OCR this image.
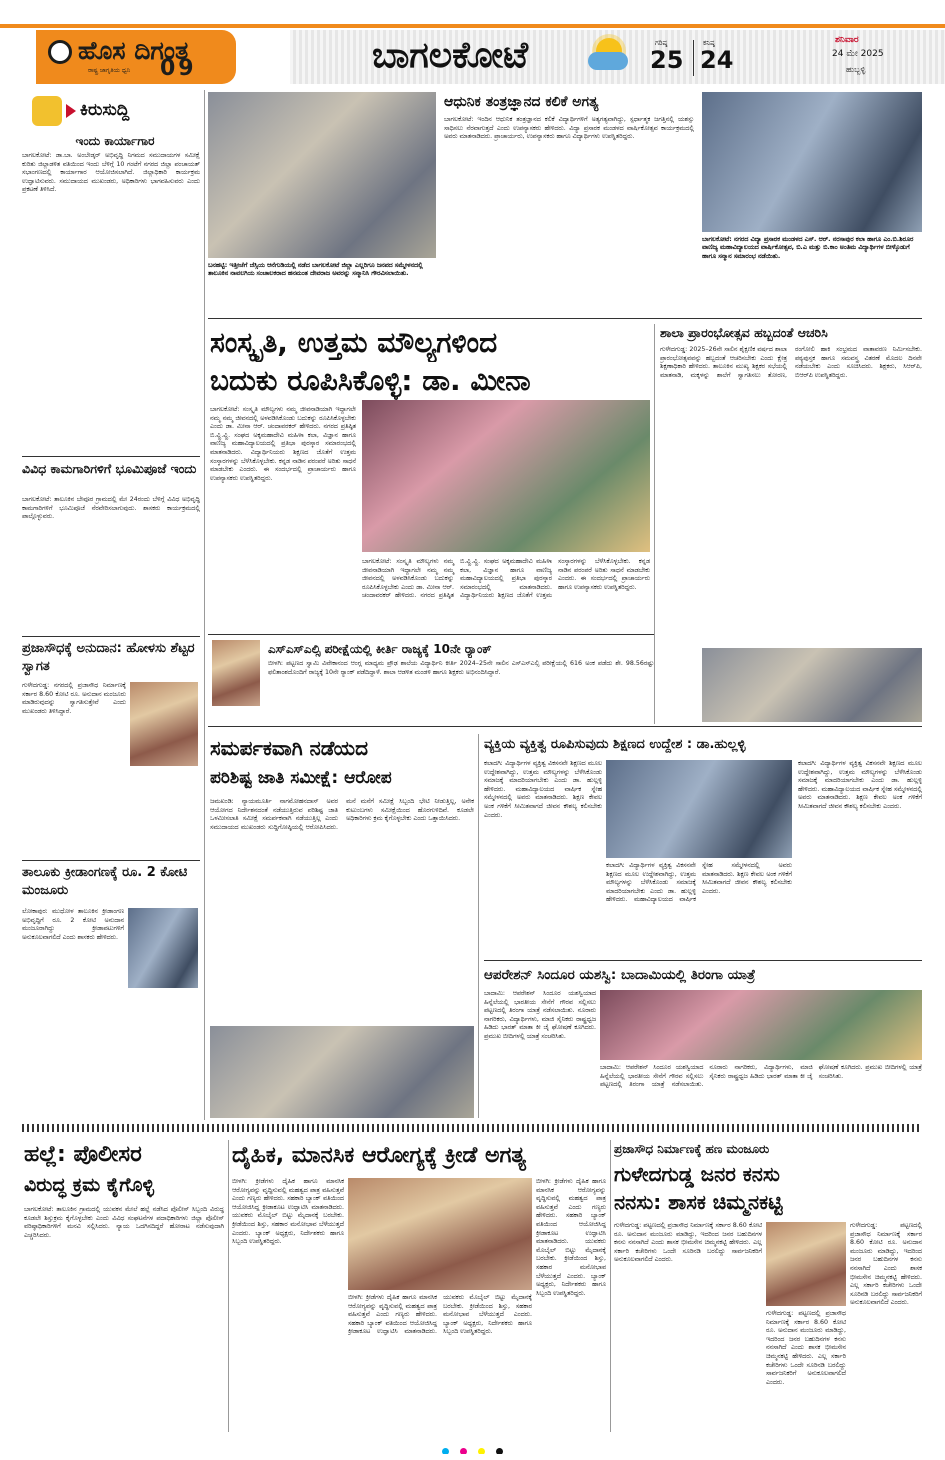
ಹೊಸ ದಿಗಂತ
ರಾಷ್ಟ್ರ ಜಾಗೃತಿಯ ಧ್ವನಿ	09	ಬಾಗಲಕೋಟೆ	ಗರಿಷ್ಠ
25
ಕನಿಷ್ಠ
24
ಶನಿವಾರ
24 ಮೇ 2025
ಹುಬ್ಬಳ್ಳಿ
ಕಿರುಸುದ್ದಿ
ಇಂದು ಕಾರ್ಯಾಗಾರ
ಬಾಗಲಕೋಟೆ: ಡಾ.ಬಾ. ಅಂಬೇಡ್ಕರ್ ಅಭಿವೃದ್ಧಿ ನಿಗಮದ ಸಮುದಾಯಗಳ ಸಮೀಕ್ಷೆ ಕುರಿತು ಜಿಲ್ಲಾಡಳಿತ ವತಿಯಿಂದ ಇಂದು ಬೆಳಿಗ್ಗೆ 10 ಗಂಟೆಗೆ ನಗರದ ಜಿಲ್ಲಾ ಪಂಚಾಯತ್ ಸಭಾಂಗಣದಲ್ಲಿ ಕಾರ್ಯಾಗಾರ ಆಯೋಜಿಸಲಾಗಿದೆ. ಜಿಲ್ಲಾಧಿಕಾರಿ ಕಾರ್ಯಕ್ರಮ ಉದ್ಘಾಟಿಸುವರು. ಸಮುದಾಯದ ಮುಖಂಡರು, ಅಧಿಕಾರಿಗಳು ಭಾಗವಹಿಸುವರು ಎಂದು ಪ್ರಕಟಣೆ ತಿಳಿಸಿದೆ.
ವಿವಿಧ ಕಾಮಗಾರಿಗಳಿಗೆ ಭೂಮಿಪೂಜೆ ಇಂದು
ಬಾಗಲಕೋಟೆ: ತಾಲೂಕಿನ ಬೇವೂರ ಗ್ರಾಮದಲ್ಲಿ ಮೇ 24ರಂದು ಬೆಳಿಗ್ಗೆ ವಿವಿಧ ಅಭಿವೃದ್ಧಿ ಕಾಮಗಾರಿಗಳಿಗೆ ಭೂಮಿಪೂಜೆ ನೆರವೇರಿಸಲಾಗುವುದು. ಶಾಸಕರು ಕಾರ್ಯಕ್ರಮದಲ್ಲಿ ಪಾಲ್ಗೊಳ್ಳುವರು.
ಪ್ರಜಾಸೌಧಕ್ಕೆ ಅನುದಾನ: ಹೋಳಸು ಶೆಟ್ಟರ ಸ್ವಾಗತ
ಗುಳೇದಗುಡ್ಡ: ನಗರದಲ್ಲಿ ಪ್ರಜಾಸೌಧ ನಿರ್ಮಾಣಕ್ಕೆ ಸರ್ಕಾರ 8.60 ಕೋಟಿ ರೂ. ಅನುದಾನ ಮಂಜೂರು ಮಾಡಿರುವುದನ್ನು ಸ್ವಾಗತಿಸುತ್ತೇವೆ ಎಂದು ಮುಖಂಡರು ತಿಳಿಸಿದ್ದಾರೆ.
ತಾಲೂಕು ಕ್ರೀಡಾಂಗಣಕ್ಕೆ ರೂ. 2 ಕೋಟಿ ಮಂಜೂರು
ಲೋಕಾಪುರ: ಮುಧೋಳ ತಾಲೂಕಿನ ಕ್ರೀಡಾಂಗಣ ಅಭಿವೃದ್ಧಿಗೆ ರೂ. 2 ಕೋಟಿ ಅನುದಾನ ಮಂಜೂರಾಗಿದ್ದು ಕ್ರೀಡಾಪಟುಗಳಿಗೆ ಅನುಕೂಲವಾಗಲಿದೆ ಎಂದು ಶಾಸಕರು ಹೇಳಿದರು.
ಬನಹಟ್ಟಿ: ಇತ್ತೀಚೆಗೆ ಜೆಸ್ಸಿಯ ಆನೆಗುಡಿಯಲ್ಲಿ ನಡೆದ ಬಾಗಲಕೋಟೆ ಜಿಲ್ಲಾ ಎಲ್ಲರಿಗೂ ಜನಪದ ಸಮ್ಮೇಳನದಲ್ಲಿ ತಾಲೂಕಿನ ನಾವಲಗಿಯ ಸಂಚಾಲಕರಾದ ಹನಮಂತ ದೇವರಾಜ ಅವರನ್ನು ಸನ್ಮಾನಿಸಿ ಗೌರವಿಸಲಾಯಿತು.
ಆಧುನಿಕ ತಂತ್ರಜ್ಞಾನದ ಕಲಿಕೆ ಅಗತ್ಯ
ಬಾಗಲಕೋಟೆ: ಇಂದಿನ ಆಧುನಿಕ ತಂತ್ರಜ್ಞಾನದ ಕಲಿಕೆ ವಿದ್ಯಾರ್ಥಿಗಳಿಗೆ ಅತ್ಯಗತ್ಯವಾಗಿದ್ದು, ಸ್ಪರ್ಧಾತ್ಮಕ ಜಗತ್ತಿನಲ್ಲಿ ಯಶಸ್ಸು ಸಾಧಿಸಲು ನೆರವಾಗುತ್ತದೆ ಎಂದು ಉಪನ್ಯಾಸಕರು ಹೇಳಿದರು. ವಿದ್ಯಾ ಪ್ರಸಾರಕ ಮಂಡಳದ ವಾರ್ಷಿಕೋತ್ಸವ ಕಾರ್ಯಕ್ರಮದಲ್ಲಿ ಅವರು ಮಾತನಾಡಿದರು. ಪ್ರಾಚಾರ್ಯರು, ಉಪನ್ಯಾಸಕರು ಹಾಗೂ ವಿದ್ಯಾರ್ಥಿಗಳು ಉಪಸ್ಥಿತರಿದ್ದರು.
ಬಾಗಲಕೋಟೆ: ನಗರದ ವಿದ್ಯಾ ಪ್ರಸಾರಕ ಮಂಡಳದ ಎಸ್. ಆರ್. ನರಸಾಪುರ ಕಲಾ ಹಾಗೂ ಎಂ.ಬಿ.ಶಿರೂರ ವಾಣಿಜ್ಯ ಮಹಾವಿದ್ಯಾಲಯದ ವಾರ್ಷಿಕೋತ್ಸವ, ಬಿ.ಎ ಮತ್ತು ಬಿ.ಕಾಂ ಅಂತಿಮ ವಿದ್ಯಾರ್ಥಿಗಳ ಬೀಳ್ಕೊಡುಗೆ ಹಾಗೂ ಸನ್ಮಾನ ಸಮಾರಂಭ ನಡೆಯಿತು.
ಸಂಸ್ಕೃತಿ, ಉತ್ತಮ ಮೌಲ್ಯಗಳಿಂದ
ಬದುಕು ರೂಪಿಸಿಕೊಳ್ಳಿ: ಡಾ. ಮೀನಾ
ಬಾಗಲಕೋಟೆ: ಸಂಸ್ಕೃತಿ ಮೌಲ್ಯಗಳು ನಮ್ಮ ಜೀವನಾಡಿಯಾಗಿ ಇದ್ದಾಗಲೇ ನಮ್ಮ ನಮ್ಮ ಜೀವನದಲ್ಲಿ ಅಳವಡಿಸಿಕೊಂಡು ಬದುಕನ್ನು ರೂಪಿಸಿಕೊಳ್ಳಬೇಕು ಎಂದು ಡಾ. ಮೀನಾ ಆರ್. ಚಂದಾವರಕರ್ ಹೇಳಿದರು. ನಗರದ ಪ್ರತಿಷ್ಠಿತ ಬಿ.ವ್ಹಿ.ವ್ಹಿ. ಸಂಘದ ಅಕ್ಕಮಹಾದೇವಿ ಮಹಿಳಾ ಕಲಾ, ವಿಜ್ಞಾನ ಹಾಗೂ ವಾಣಿಜ್ಯ ಮಹಾವಿದ್ಯಾಲಯದಲ್ಲಿ ಪ್ರತಿಭಾ ಪುರಸ್ಕಾರ ಸಮಾರಂಭದಲ್ಲಿ ಮಾತನಾಡಿದರು. ವಿದ್ಯಾರ್ಥಿನಿಯರು ಶಿಕ್ಷಣದ ಜೊತೆಗೆ ಉತ್ತಮ ಸಂಸ್ಕಾರಗಳನ್ನು ಬೆಳೆಸಿಕೊಳ್ಳಬೇಕು. ಕನ್ನಡ ನಾಡಿನ ಪರಂಪರೆ ಅರಿತು ಸಾಧನೆ ಮಾಡಬೇಕು ಎಂದರು. ಈ ಸಂದರ್ಭದಲ್ಲಿ ಪ್ರಾಚಾರ್ಯರು ಹಾಗೂ ಉಪನ್ಯಾಸಕರು ಉಪಸ್ಥಿತರಿದ್ದರು.
ಬಾಗಲಕೋಟೆ: ಸಂಸ್ಕೃತಿ ಮೌಲ್ಯಗಳು ನಮ್ಮ ಜೀವನಾಡಿಯಾಗಿ ಇದ್ದಾಗಲೇ ನಮ್ಮ ನಮ್ಮ ಜೀವನದಲ್ಲಿ ಅಳವಡಿಸಿಕೊಂಡು ಬದುಕನ್ನು ರೂಪಿಸಿಕೊಳ್ಳಬೇಕು ಎಂದು ಡಾ. ಮೀನಾ ಆರ್. ಚಂದಾವರಕರ್ ಹೇಳಿದರು. ನಗರದ ಪ್ರತಿಷ್ಠಿತ ಬಿ.ವ್ಹಿ.ವ್ಹಿ. ಸಂಘದ ಅಕ್ಕಮಹಾದೇವಿ ಮಹಿಳಾ ಕಲಾ, ವಿಜ್ಞಾನ ಹಾಗೂ ವಾಣಿಜ್ಯ ಮಹಾವಿದ್ಯಾಲಯದಲ್ಲಿ ಪ್ರತಿಭಾ ಪುರಸ್ಕಾರ ಸಮಾರಂಭದಲ್ಲಿ ಮಾತನಾಡಿದರು. ವಿದ್ಯಾರ್ಥಿನಿಯರು ಶಿಕ್ಷಣದ ಜೊತೆಗೆ ಉತ್ತಮ ಸಂಸ್ಕಾರಗಳನ್ನು ಬೆಳೆಸಿಕೊಳ್ಳಬೇಕು. ಕನ್ನಡ ನಾಡಿನ ಪರಂಪರೆ ಅರಿತು ಸಾಧನೆ ಮಾಡಬೇಕು ಎಂದರು. ಈ ಸಂದರ್ಭದಲ್ಲಿ ಪ್ರಾಚಾರ್ಯರು ಹಾಗೂ ಉಪನ್ಯಾಸಕರು ಉಪಸ್ಥಿತರಿದ್ದರು.
ಶಾಲಾ ಪ್ರಾರಂಭೋತ್ಸವ ಹಬ್ಬದಂತೆ ಆಚರಿಸಿ
ಗುಳೇದಗುಡ್ಡ: 2025–26ನೇ ಸಾಲಿನ ಶೈಕ್ಷಣಿಕ ವರ್ಷದ ಶಾಲಾ ಪ್ರಾರಂಭೋತ್ಸವವನ್ನು ಹಬ್ಬದಂತೆ ಆಚರಿಸಬೇಕು ಎಂದು ಕ್ಷೇತ್ರ ಶಿಕ್ಷಣಾಧಿಕಾರಿ ಹೇಳಿದರು. ತಾಲೂಕಿನ ಮುಖ್ಯ ಶಿಕ್ಷಕರ ಸಭೆಯಲ್ಲಿ ಮಾತನಾಡಿ, ಮಕ್ಕಳನ್ನು ಶಾಲೆಗೆ ಸ್ವಾಗತಿಸಲು ತೋರಣ, ರಂಗೋಲಿ ಹಾಕಿ ಸಂಭ್ರಮದ ವಾತಾವರಣ ನಿರ್ಮಿಸಬೇಕು. ಪಠ್ಯಪುಸ್ತಕ ಹಾಗೂ ಸಮವಸ್ತ್ರ ವಿತರಣೆ ಮೊದಲ ದಿನವೇ ನಡೆಯಬೇಕು ಎಂದು ಸೂಚಿಸಿದರು. ಶಿಕ್ಷಕರು, ಸಿಆರ್‌ಪಿ, ಬಿಆರ್‌ಪಿ ಉಪಸ್ಥಿತರಿದ್ದರು.
ಎಸ್ಎಸ್ಎಲ್ಸಿ ಪರೀಕ್ಷೆಯಲ್ಲಿ ಕೀರ್ತಿ ರಾಜ್ಯಕ್ಕೆ 10ನೇ ರ್‍ಯಾಂಕ್
ಬೀಳಗಿ: ಪಟ್ಟಣದ ಸ್ವಾಮಿ ವಿವೇಕಾನಂದ ಆಂಗ್ಲ ಮಾಧ್ಯಮ ಪ್ರೌಢ ಶಾಲೆಯ ವಿದ್ಯಾರ್ಥಿನಿ ಕೀರ್ತಿ 2024–25ನೇ ಸಾಲಿನ ಎಸ್ಎಸ್ಎಲ್ಸಿ ಪರೀಕ್ಷೆಯಲ್ಲಿ 616 ಅಂಕ ಪಡೆದು ಶೇ. 98.56ರಷ್ಟು ಫಲಿತಾಂಶದೊಂದಿಗೆ ರಾಜ್ಯಕ್ಕೆ 10ನೇ ರ್‍ಯಾಂಕ್ ಪಡೆದಿದ್ದಾಳೆ. ಶಾಲಾ ಆಡಳಿತ ಮಂಡಳಿ ಹಾಗೂ ಶಿಕ್ಷಕರು ಅಭಿನಂದಿಸಿದ್ದಾರೆ.
ಸಮರ್ಪಕವಾಗಿ ನಡೆಯದ
ಪರಿಶಿಷ್ಟ ಜಾತಿ ಸಮೀಕ್ಷೆ: ಆರೋಪ
ಜಮಖಂಡಿ: ನ್ಯಾಯಮೂರ್ತಿ ನಾಗಮೋಹನದಾಸ್ ಅವರ ಆಯೋಗದ ನಿರ್ದೇಶನದಂತೆ ನಡೆಯುತ್ತಿರುವ ಪರಿಶಿಷ್ಟ ಜಾತಿ ಒಳಮೀಸಲಾತಿ ಸಮೀಕ್ಷೆ ಸಮರ್ಪಕವಾಗಿ ನಡೆಯುತ್ತಿಲ್ಲ ಎಂದು ಸಮುದಾಯದ ಮುಖಂಡರು ಸುದ್ದಿಗೋಷ್ಠಿಯಲ್ಲಿ ಆರೋಪಿಸಿದರು. ಮನೆ ಮನೆಗೆ ಸಮೀಕ್ಷೆ ಸಿಬ್ಬಂದಿ ಭೇಟಿ ನೀಡುತ್ತಿಲ್ಲ, ಅನೇಕ ಕುಟುಂಬಗಳು ಸಮೀಕ್ಷೆಯಿಂದ ಹೊರಗುಳಿದಿವೆ. ಕೂಡಲೇ ಅಧಿಕಾರಿಗಳು ಕ್ರಮ ಕೈಗೊಳ್ಳಬೇಕು ಎಂದು ಒತ್ತಾಯಿಸಿದರು.
ವ್ಯಕ್ತಿಯ ವ್ಯಕ್ತಿತ್ವ ರೂಪಿಸುವುದು ಶಿಕ್ಷಣದ ಉದ್ದೇಶ : ಡಾ.ಹುಲ್ಲಳ್ಳಿ
ಕಲಾದಗಿ: ವಿದ್ಯಾರ್ಥಿಗಳ ವ್ಯಕ್ತಿತ್ವ ವಿಕಸನವೇ ಶಿಕ್ಷಣದ ಮೂಲ ಉದ್ದೇಶವಾಗಿದ್ದು, ಉತ್ತಮ ಮೌಲ್ಯಗಳನ್ನು ಬೆಳೆಸಿಕೊಂಡು ಸಮಾಜಕ್ಕೆ ಮಾದರಿಯಾಗಬೇಕು ಎಂದು ಡಾ. ಹುಲ್ಲಳ್ಳಿ ಹೇಳಿದರು. ಮಹಾವಿದ್ಯಾಲಯದ ವಾರ್ಷಿಕ ಸ್ನೇಹ ಸಮ್ಮೇಳನದಲ್ಲಿ ಅವರು ಮಾತನಾಡಿದರು. ಶಿಕ್ಷಣ ಕೇವಲ ಅಂಕ ಗಳಿಕೆಗೆ ಸೀಮಿತವಾಗದೆ ಜೀವನ ಕೌಶಲ್ಯ ಕಲಿಸಬೇಕು ಎಂದರು.
ಕಲಾದಗಿ: ವಿದ್ಯಾರ್ಥಿಗಳ ವ್ಯಕ್ತಿತ್ವ ವಿಕಸನವೇ ಶಿಕ್ಷಣದ ಮೂಲ ಉದ್ದೇಶವಾಗಿದ್ದು, ಉತ್ತಮ ಮೌಲ್ಯಗಳನ್ನು ಬೆಳೆಸಿಕೊಂಡು ಸಮಾಜಕ್ಕೆ ಮಾದರಿಯಾಗಬೇಕು ಎಂದು ಡಾ. ಹುಲ್ಲಳ್ಳಿ ಹೇಳಿದರು. ಮಹಾವಿದ್ಯಾಲಯದ ವಾರ್ಷಿಕ ಸ್ನೇಹ ಸಮ್ಮೇಳನದಲ್ಲಿ ಅವರು ಮಾತನಾಡಿದರು. ಶಿಕ್ಷಣ ಕೇವಲ ಅಂಕ ಗಳಿಕೆಗೆ ಸೀಮಿತವಾಗದೆ ಜೀವನ ಕೌಶಲ್ಯ ಕಲಿಸಬೇಕು ಎಂದರು.
ಕಲಾದಗಿ: ವಿದ್ಯಾರ್ಥಿಗಳ ವ್ಯಕ್ತಿತ್ವ ವಿಕಸನವೇ ಶಿಕ್ಷಣದ ಮೂಲ ಉದ್ದೇಶವಾಗಿದ್ದು, ಉತ್ತಮ ಮೌಲ್ಯಗಳನ್ನು ಬೆಳೆಸಿಕೊಂಡು ಸಮಾಜಕ್ಕೆ ಮಾದರಿಯಾಗಬೇಕು ಎಂದು ಡಾ. ಹುಲ್ಲಳ್ಳಿ ಹೇಳಿದರು. ಮಹಾವಿದ್ಯಾಲಯದ ವಾರ್ಷಿಕ ಸ್ನೇಹ ಸಮ್ಮೇಳನದಲ್ಲಿ ಅವರು ಮಾತನಾಡಿದರು. ಶಿಕ್ಷಣ ಕೇವಲ ಅಂಕ ಗಳಿಕೆಗೆ ಸೀಮಿತವಾಗದೆ ಜೀವನ ಕೌಶಲ್ಯ ಕಲಿಸಬೇಕು ಎಂದರು.
ಆಪರೇಶನ್ ಸಿಂದೂರ ಯಶಸ್ವಿ: ಬಾದಾಮಿಯಲ್ಲಿ ತಿರಂಗಾ ಯಾತ್ರೆ
ಬಾದಾಮಿ: ಆಪರೇಶನ್ ಸಿಂದೂರ ಯಶಸ್ವಿಯಾದ ಹಿನ್ನೆಲೆಯಲ್ಲಿ ಭಾರತೀಯ ಸೇನೆಗೆ ಗೌರವ ಸಲ್ಲಿಸಲು ಪಟ್ಟಣದಲ್ಲಿ ತಿರಂಗಾ ಯಾತ್ರೆ ನಡೆಸಲಾಯಿತು. ನೂರಾರು ನಾಗರಿಕರು, ವಿದ್ಯಾರ್ಥಿಗಳು, ಮಾಜಿ ಸೈನಿಕರು ರಾಷ್ಟ್ರಧ್ವಜ ಹಿಡಿದು ಭಾರತ್ ಮಾತಾ ಕೀ ಜೈ ಘೋಷಣೆ ಕೂಗಿದರು. ಪ್ರಮುಖ ಬೀದಿಗಳಲ್ಲಿ ಯಾತ್ರೆ ಸಂಚರಿಸಿತು.
ಬಾದಾಮಿ: ಆಪರೇಶನ್ ಸಿಂದೂರ ಯಶಸ್ವಿಯಾದ ಹಿನ್ನೆಲೆಯಲ್ಲಿ ಭಾರತೀಯ ಸೇನೆಗೆ ಗೌರವ ಸಲ್ಲಿಸಲು ಪಟ್ಟಣದಲ್ಲಿ ತಿರಂಗಾ ಯಾತ್ರೆ ನಡೆಸಲಾಯಿತು. ನೂರಾರು ನಾಗರಿಕರು, ವಿದ್ಯಾರ್ಥಿಗಳು, ಮಾಜಿ ಸೈನಿಕರು ರಾಷ್ಟ್ರಧ್ವಜ ಹಿಡಿದು ಭಾರತ್ ಮಾತಾ ಕೀ ಜೈ ಘೋಷಣೆ ಕೂಗಿದರು. ಪ್ರಮುಖ ಬೀದಿಗಳಲ್ಲಿ ಯಾತ್ರೆ ಸಂಚರಿಸಿತು.
ಹಲ್ಲೆ: ಪೊಲೀಸರ
ವಿರುದ್ಧ ಕ್ರಮ ಕೈಗೊಳ್ಳಿ
ಬಾಗಲಕೋಟೆ: ತಾಲೂಕಿನ ಗ್ರಾಮದಲ್ಲಿ ಯುವಕನ ಮೇಲೆ ಹಲ್ಲೆ ನಡೆಸಿದ ಪೊಲೀಸ್ ಸಿಬ್ಬಂದಿ ವಿರುದ್ಧ ಕೂಡಲೇ ಶಿಸ್ತುಕ್ರಮ ಕೈಗೊಳ್ಳಬೇಕು ಎಂದು ವಿವಿಧ ಸಂಘಟನೆಗಳ ಪದಾಧಿಕಾರಿಗಳು ಜಿಲ್ಲಾ ಪೊಲೀಸ್ ವರಿಷ್ಠಾಧಿಕಾರಿಗಳಿಗೆ ಮನವಿ ಸಲ್ಲಿಸಿದರು. ನ್ಯಾಯ ಒದಗಿಸದಿದ್ದರೆ ಹೋರಾಟ ನಡೆಸುವುದಾಗಿ ಎಚ್ಚರಿಸಿದರು.
ದೈಹಿಕ, ಮಾನಸಿಕ ಆರೋಗ್ಯಕ್ಕೆ ಕ್ರೀಡೆ ಅಗತ್ಯ
ಬೀಳಗಿ: ಕ್ರೀಡೆಗಳು ದೈಹಿಕ ಹಾಗೂ ಮಾನಸಿಕ ಆರೋಗ್ಯವನ್ನು ವೃದ್ಧಿಸುವಲ್ಲಿ ಮಹತ್ವದ ಪಾತ್ರ ವಹಿಸುತ್ತವೆ ಎಂದು ಗಣ್ಯರು ಹೇಳಿದರು. ಸಹಕಾರಿ ಬ್ಯಾಂಕ್ ವತಿಯಿಂದ ಆಯೋಜಿಸಿದ್ದ ಕ್ರೀಡಾಕೂಟ ಉದ್ಘಾಟಿಸಿ ಮಾತನಾಡಿದರು. ಯುವಕರು ಮೊಬೈಲ್ ಬಿಟ್ಟು ಮೈದಾನಕ್ಕೆ ಬರಬೇಕು. ಕ್ರೀಡೆಯಿಂದ ಶಿಸ್ತು, ಸಹಕಾರ ಮನೋಭಾವ ಬೆಳೆಯುತ್ತದೆ ಎಂದರು. ಬ್ಯಾಂಕ್ ಅಧ್ಯಕ್ಷರು, ನಿರ್ದೇಶಕರು ಹಾಗೂ ಸಿಬ್ಬಂದಿ ಉಪಸ್ಥಿತರಿದ್ದರು.
ಬೀಳಗಿ: ಕ್ರೀಡೆಗಳು ದೈಹಿಕ ಹಾಗೂ ಮಾನಸಿಕ ಆರೋಗ್ಯವನ್ನು ವೃದ್ಧಿಸುವಲ್ಲಿ ಮಹತ್ವದ ಪಾತ್ರ ವಹಿಸುತ್ತವೆ ಎಂದು ಗಣ್ಯರು ಹೇಳಿದರು. ಸಹಕಾರಿ ಬ್ಯಾಂಕ್ ವತಿಯಿಂದ ಆಯೋಜಿಸಿದ್ದ ಕ್ರೀಡಾಕೂಟ ಉದ್ಘಾಟಿಸಿ ಮಾತನಾಡಿದರು. ಯುವಕರು ಮೊಬೈಲ್ ಬಿಟ್ಟು ಮೈದಾನಕ್ಕೆ ಬರಬೇಕು. ಕ್ರೀಡೆಯಿಂದ ಶಿಸ್ತು, ಸಹಕಾರ ಮನೋಭಾವ ಬೆಳೆಯುತ್ತದೆ ಎಂದರು. ಬ್ಯಾಂಕ್ ಅಧ್ಯಕ್ಷರು, ನಿರ್ದೇಶಕರು ಹಾಗೂ ಸಿಬ್ಬಂದಿ ಉಪಸ್ಥಿತರಿದ್ದರು.
ಬೀಳಗಿ: ಕ್ರೀಡೆಗಳು ದೈಹಿಕ ಹಾಗೂ ಮಾನಸಿಕ ಆರೋಗ್ಯವನ್ನು ವೃದ್ಧಿಸುವಲ್ಲಿ ಮಹತ್ವದ ಪಾತ್ರ ವಹಿಸುತ್ತವೆ ಎಂದು ಗಣ್ಯರು ಹೇಳಿದರು. ಸಹಕಾರಿ ಬ್ಯಾಂಕ್ ವತಿಯಿಂದ ಆಯೋಜಿಸಿದ್ದ ಕ್ರೀಡಾಕೂಟ ಉದ್ಘಾಟಿಸಿ ಮಾತನಾಡಿದರು. ಯುವಕರು ಮೊಬೈಲ್ ಬಿಟ್ಟು ಮೈದಾನಕ್ಕೆ ಬರಬೇಕು. ಕ್ರೀಡೆಯಿಂದ ಶಿಸ್ತು, ಸಹಕಾರ ಮನೋಭಾವ ಬೆಳೆಯುತ್ತದೆ ಎಂದರು. ಬ್ಯಾಂಕ್ ಅಧ್ಯಕ್ಷರು, ನಿರ್ದೇಶಕರು ಹಾಗೂ ಸಿಬ್ಬಂದಿ ಉಪಸ್ಥಿತರಿದ್ದರು.
ಪ್ರಜಾಸೌಧ ನಿರ್ಮಾಣಕ್ಕೆ ಹಣ ಮಂಜೂರು
ಗುಳೇದಗುಡ್ಡ ಜನರ ಕನಸು
ನನಸು: ಶಾಸಕ ಚಿಮ್ಮನಕಟ್ಟಿ
ಗುಳೇದಗುಡ್ಡ: ಪಟ್ಟಣದಲ್ಲಿ ಪ್ರಜಾಸೌಧ ನಿರ್ಮಾಣಕ್ಕೆ ಸರ್ಕಾರ 8.60 ಕೋಟಿ ರೂ. ಅನುದಾನ ಮಂಜೂರು ಮಾಡಿದ್ದು, ಇದರಿಂದ ಜನರ ಬಹುದಿನಗಳ ಕನಸು ನನಸಾಗಿದೆ ಎಂದು ಶಾಸಕ ಭೀಮಸೇನ ಚಿಮ್ಮನಕಟ್ಟಿ ಹೇಳಿದರು. ಎಲ್ಲ ಸರ್ಕಾರಿ ಕಚೇರಿಗಳು ಒಂದೇ ಸೂರಿನಡಿ ಬರಲಿದ್ದು ಸಾರ್ವಜನಿಕರಿಗೆ ಅನುಕೂಲವಾಗಲಿದೆ ಎಂದರು.
ಗುಳೇದಗುಡ್ಡ: ಪಟ್ಟಣದಲ್ಲಿ ಪ್ರಜಾಸೌಧ ನಿರ್ಮಾಣಕ್ಕೆ ಸರ್ಕಾರ 8.60 ಕೋಟಿ ರೂ. ಅನುದಾನ ಮಂಜೂರು ಮಾಡಿದ್ದು, ಇದರಿಂದ ಜನರ ಬಹುದಿನಗಳ ಕನಸು ನನಸಾಗಿದೆ ಎಂದು ಶಾಸಕ ಭೀಮಸೇನ ಚಿಮ್ಮನಕಟ್ಟಿ ಹೇಳಿದರು. ಎಲ್ಲ ಸರ್ಕಾರಿ ಕಚೇರಿಗಳು ಒಂದೇ ಸೂರಿನಡಿ ಬರಲಿದ್ದು ಸಾರ್ವಜನಿಕರಿಗೆ ಅನುಕೂಲವಾಗಲಿದೆ ಎಂದರು.
ಗುಳೇದಗುಡ್ಡ: ಪಟ್ಟಣದಲ್ಲಿ ಪ್ರಜಾಸೌಧ ನಿರ್ಮಾಣಕ್ಕೆ ಸರ್ಕಾರ 8.60 ಕೋಟಿ ರೂ. ಅನುದಾನ ಮಂಜೂರು ಮಾಡಿದ್ದು, ಇದರಿಂದ ಜನರ ಬಹುದಿನಗಳ ಕನಸು ನನಸಾಗಿದೆ ಎಂದು ಶಾಸಕ ಭೀಮಸೇನ ಚಿಮ್ಮನಕಟ್ಟಿ ಹೇಳಿದರು. ಎಲ್ಲ ಸರ್ಕಾರಿ ಕಚೇರಿಗಳು ಒಂದೇ ಸೂರಿನಡಿ ಬರಲಿದ್ದು ಸಾರ್ವಜನಿಕರಿಗೆ ಅನುಕೂಲವಾಗಲಿದೆ ಎಂದರು.
